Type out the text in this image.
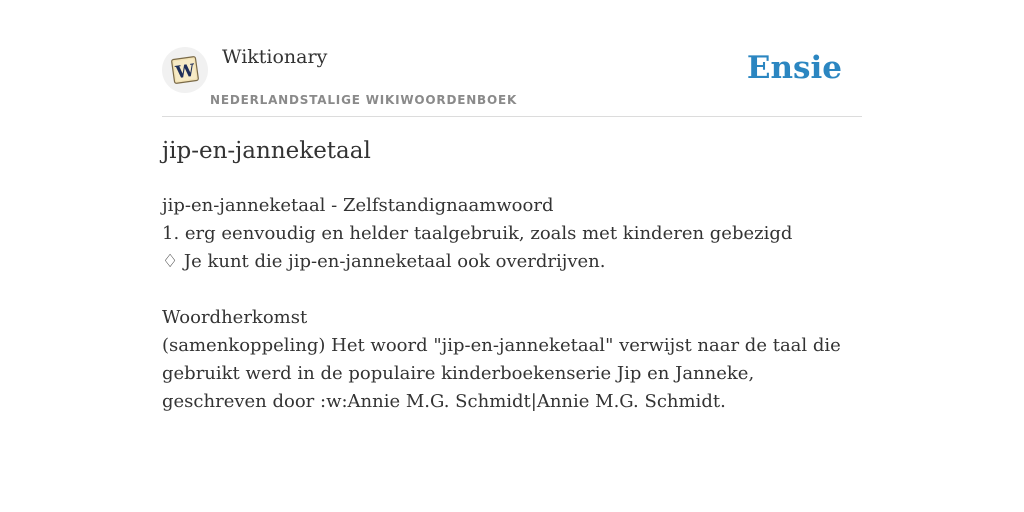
W
Wiktionary
NEDERLANDSTALIGE WIKIWOORDENBOEK
Ensie
jip-en-janneketaal

jip-en-janneketaal - Zelfstandignaamwoord

1. erg eenvoudig en helder taalgebruik, zoals met kinderen gebezigd

♢ Je kunt die jip-en-janneketaal ook overdrijven.

Woordherkomst

(samenkoppeling) Het woord "jip-en-janneketaal" verwijst naar de taal die gebruikt werd in de populaire kinderboekenserie Jip en Janneke, geschreven door :w:Annie M.G. Schmidt|Annie M.G. Schmidt.
